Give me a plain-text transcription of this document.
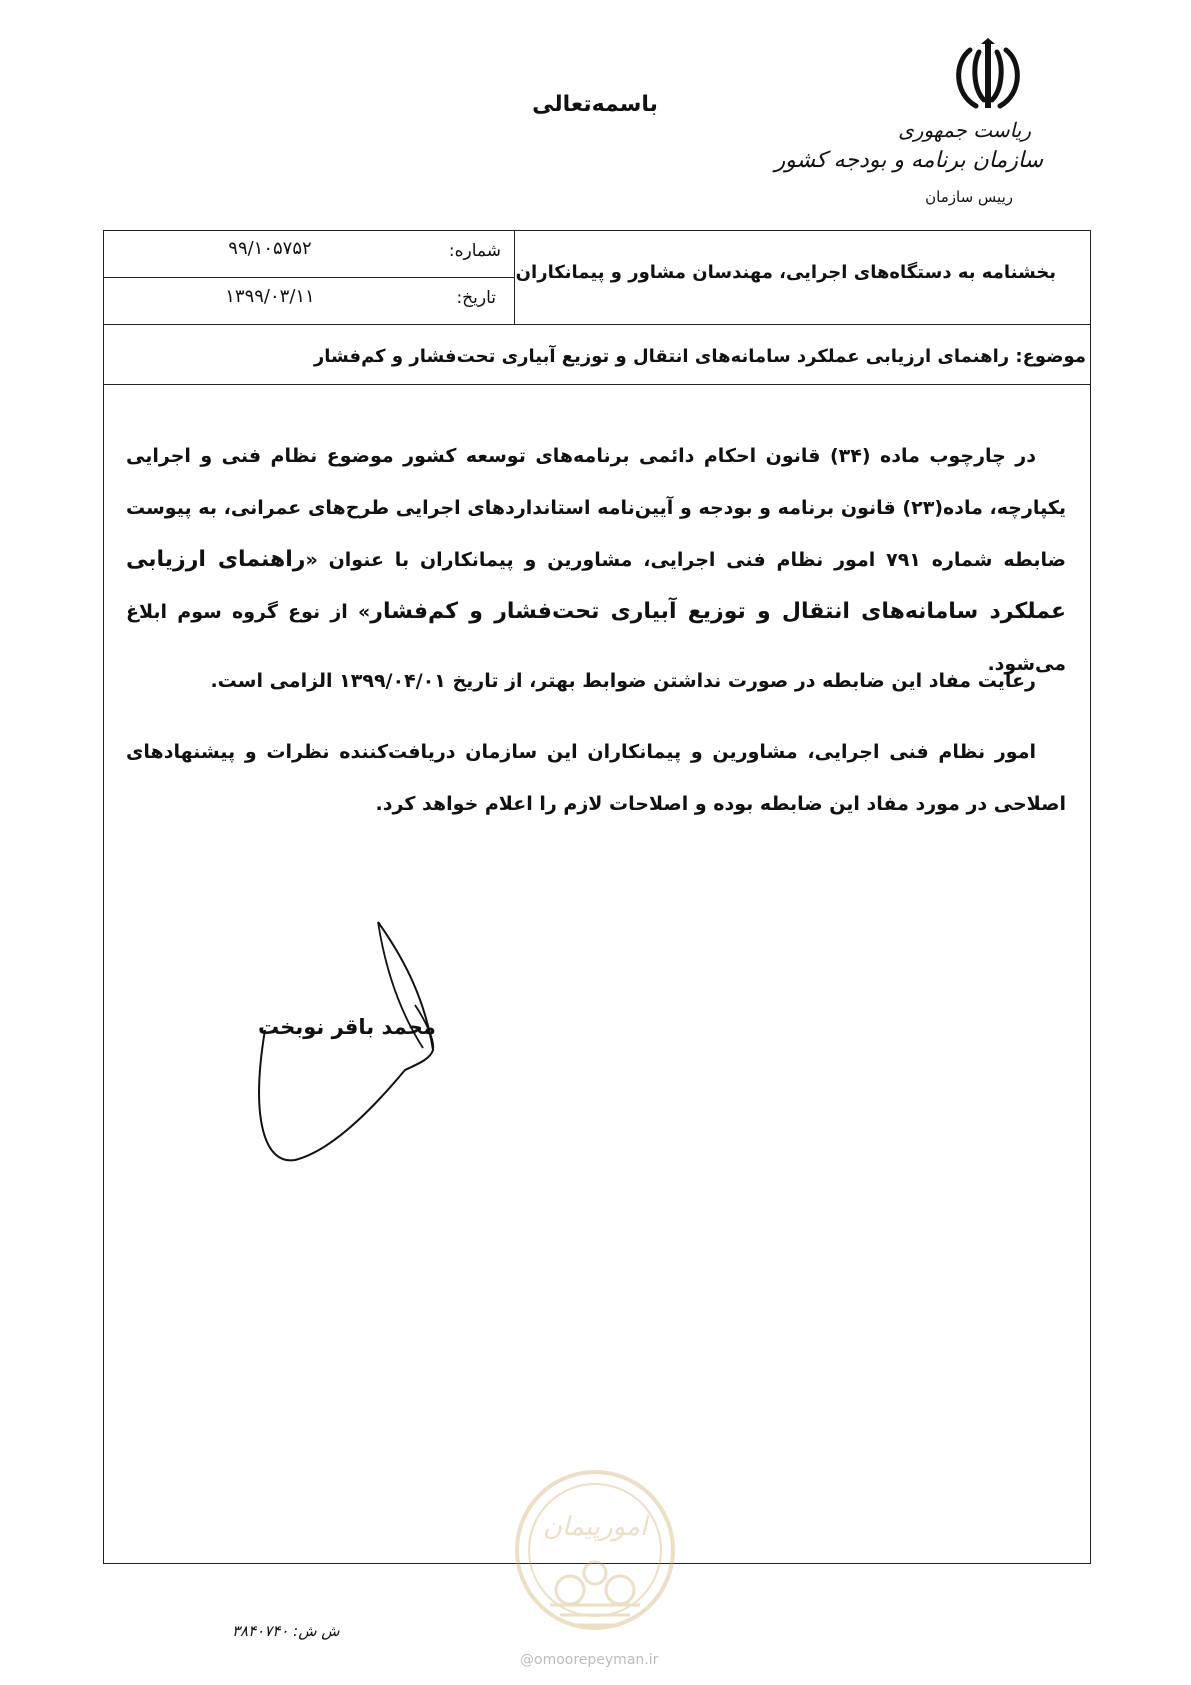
باسمه‌تعالی
ریاست جمهوری
سازمان برنامه و بودجه کشور
رییس سازمان
شماره:
۹۹/۱۰۵۷۵۲
تاریخ:
۱۳۹۹/۰۳/۱۱
بخشنامه به دستگاه‌های اجرایی، مهندسان مشاور و پیمانکاران
موضوع: راهنمای ارزیابی عملکرد سامانه‌های انتقال و توزیع آبیاری تحت‌فشار و کم‌فشار
در چارچوب ماده (۳۴) قانون احکام دائمی برنامه‌های توسعه کشور موضوع نظام فنی و اجرایی یکپارچه، ماده(۲۳) قانون برنامه و بودجه و آیین‌نامه استانداردهای اجرایی طرح‌های عمرانی، به پیوست ضابطه شماره ۷۹۱ امور نظام فنی اجرایی، مشاورین و پیمانکاران با عنوان «راهنمای ارزیابی عملکرد سامانه‌های انتقال و توزیع آبیاری تحت‌فشار و کم‌فشار» از نوع گروه سوم ابلاغ می‌شود.
رعایت مفاد این ضابطه در صورت نداشتن ضوابط بهتر، از تاریخ ۱۳۹۹/۰۴/۰۱ الزامی است.
امور نظام فنی اجرایی، مشاورین و پیمانکاران این سازمان دریافت‌کننده نظرات و پیشنهادهای اصلاحی در مورد مفاد این ضابطه بوده و اصلاحات لازم را اعلام خواهد کرد.
محمد باقر نوبخت
امورپیمان
@omoorepeyman.ir
ش ش: ۳۸۴۰۷۴۰
